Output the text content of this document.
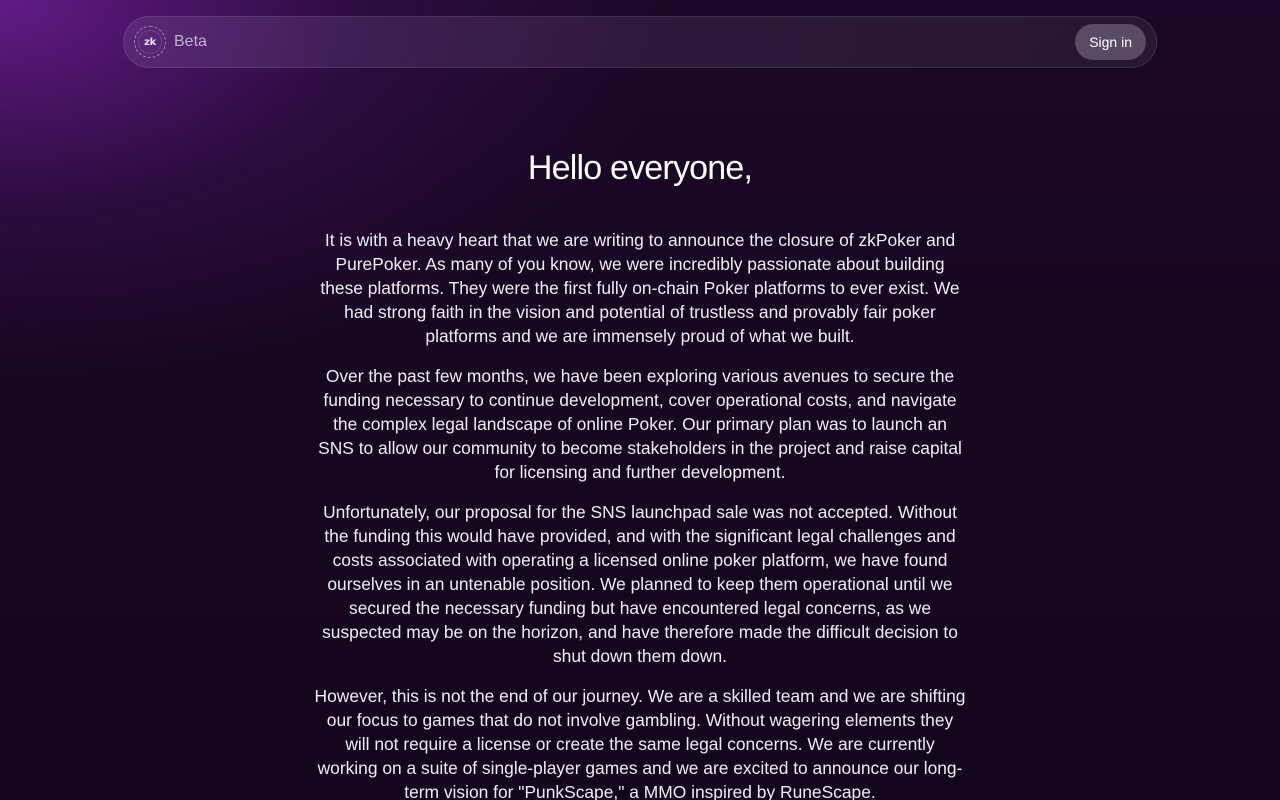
zk Beta	Sign in
Hello everyone,

It is with a heavy heart that we are writing to announce the closure of zkPoker and PurePoker. As many of you know, we were incredibly passionate about building these platforms. They were the first fully on-chain Poker platforms to ever exist. We had strong faith in the vision and potential of trustless and provably fair poker platforms and we are immensely proud of what we built.

Over the past few months, we have been exploring various avenues to secure the funding necessary to continue development, cover operational costs, and navigate the complex legal landscape of online Poker. Our primary plan was to launch an SNS to allow our community to become stakeholders in the project and raise capital for licensing and further development.

Unfortunately, our proposal for the SNS launchpad sale was not accepted. Without the funding this would have provided, and with the significant legal challenges and costs associated with operating a licensed online poker platform, we have found ourselves in an untenable position. We planned to keep them operational until we secured the necessary funding but have encountered legal concerns, as we suspected may be on the horizon, and have therefore made the difficult decision to shut down them down.

However, this is not the end of our journey. We are a skilled team and we are shifting our focus to games that do not involve gambling. Without wagering elements they will not require a license or create the same legal concerns. We are currently working on a suite of single-player games and we are excited to announce our long-term vision for "PunkScape," a MMO inspired by RuneScape.
